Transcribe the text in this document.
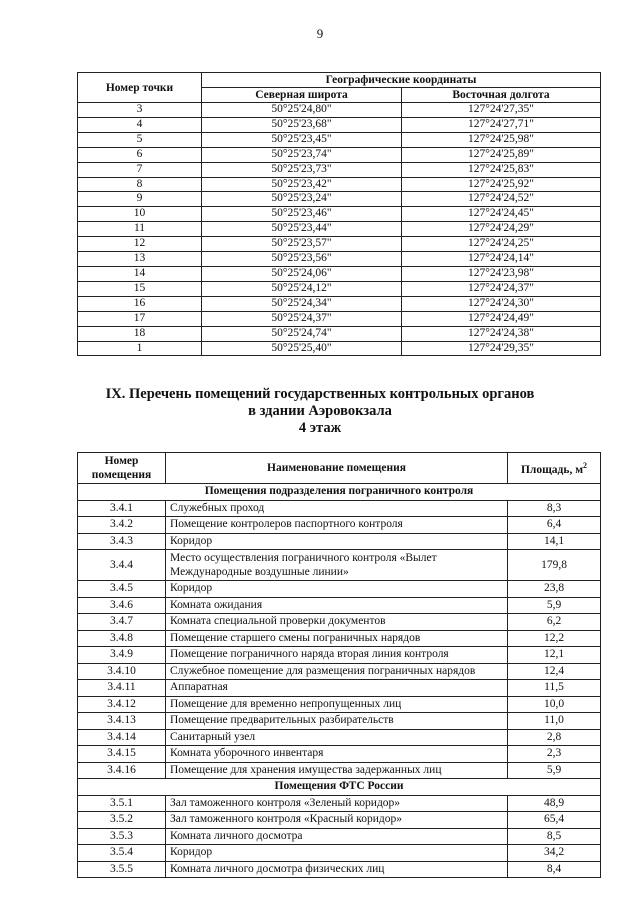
9
Номер точки	Географические координаты	
	Северная широта	Восточная долгота
3	50°25'24,80"	127°24'27,35"
4	50°25'23,68"	127°24'27,71"
5	50°25'23,45"	127°24'25,98"
6	50°25'23,74"	127°24'25,89"
7	50°25'23,73"	127°24'25,83"
8	50°25'23,42"	127°24'25,92"
9	50°25'23,24"	127°24'24,52"
10	50°25'23,46"	127°24'24,45"
11	50°25'23,44"	127°24'24,29"
12	50°25'23,57"	127°24'24,25"
13	50°25'23,56"	127°24'24,14"
14	50°25'24,06"	127°24'23,98"
15	50°25'24,12"	127°24'24,37"
16	50°25'24,34"	127°24'24,30"
17	50°25'24,37"	127°24'24,49"
18	50°25'24,74"	127°24'24,38"
1	50°25'25,40"	127°24'29,35"
IX. Перечень помещений государственных контрольных органов
в здании Аэровокзала
4 этаж
Номер помещения	Наименование помещения	Площадь, $м^2$
Помещения подразделения пограничного контроля		
3.4.1	Служебных проход	8,3
3.4.2	Помещение контролеров паспортного контроля	6,4
3.4.3	Коридор	14,1
3.4.4	Место осуществления пограничного контроля «Вылет Международные воздушные линии»	179,8
3.4.5	Коридор	23,8
3.4.6	Комната ожидания	5,9
3.4.7	Комната специальной проверки документов	6,2
3.4.8	Помещение старшего смены пограничных нарядов	12,2
3.4.9	Помещение пограничного наряда вторая линия контроля	12,1
3.4.10	Служебное помещение для размещения пограничных нарядов	12,4
3.4.11	Аппаратная	11,5
3.4.12	Помещение для временно непропущенных лиц	10,0
3.4.13	Помещение предварительных разбирательств	11,0
3.4.14	Санитарный узел	2,8
3.4.15	Комната уборочного инвентаря	2,3
3.4.16	Помещение для хранения имущества задержанных лиц	5,9
Помещения ФТС России		
3.5.1	Зал таможенного контроля «Зеленый коридор»	48,9
3.5.2	Зал таможенного контроля «Красный коридор»	65,4
3.5.3	Комната личного досмотра	8,5
3.5.4	Коридор	34,2
3.5.5	Комната личного досмотра физических лиц	8,4
